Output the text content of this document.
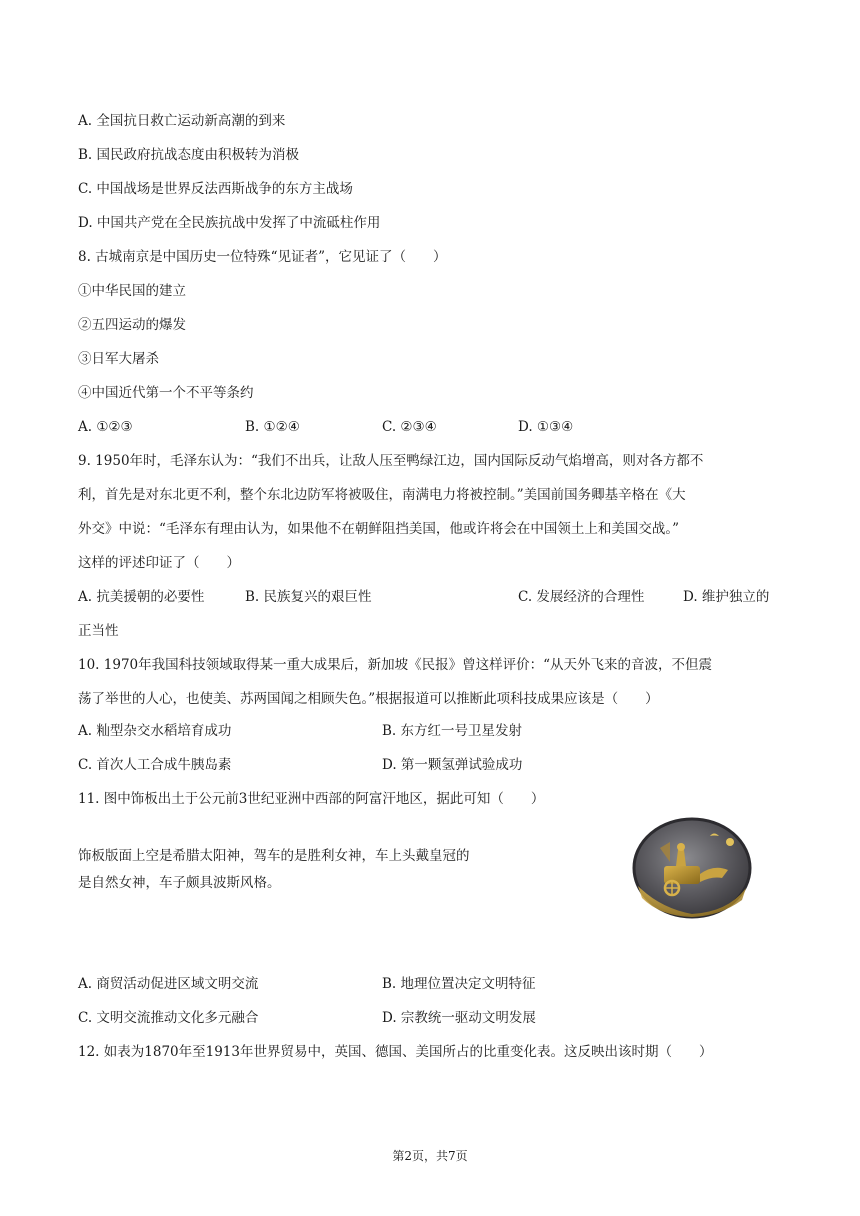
A. 全国抗日救亡运动新高潮的到来
B. 国民政府抗战态度由积极转为消极
C. 中国战场是世界反法西斯战争的东方主战场
D. 中国共产党在全民族抗战中发挥了中流砥柱作用
8. 古城南京是中国历史一位特殊“见证者”，它见证了（　　）
①中华民国的建立
②五四运动的爆发
③日军大屠杀
④中国近代第一个不平等条约
A. ①②③	B. ①②④	C. ②③④	D. ①③④
9. 1950年时，毛泽东认为：“我们不出兵，让敌人压至鸭绿江边，国内国际反动气焰增高，则对各方都不
利，首先是对东北更不利，整个东北边防军将被吸住，南满电力将被控制。”美国前国务卿基辛格在《大
外交》中说：“毛泽东有理由认为，如果他不在朝鲜阻挡美国，他或许将会在中国领土上和美国交战。”
这样的评述印证了（　　）
A. 抗美援朝的必要性	B. 民族复兴的艰巨性	C. 发展经济的合理性	D. 维护独立的
正当性
10. 1970年我国科技领域取得某一重大成果后，新加坡《民报》曾这样评价：“从天外飞来的音波，不但震
荡了举世的人心，也使美、苏两国闻之相顾失色。”根据报道可以推断此项科技成果应该是（　　）
A. 籼型杂交水稻培育成功	B. 东方红一号卫星发射
C. 首次人工合成牛胰岛素	D. 第一颗氢弹试验成功
11. 图中饰板出土于公元前3世纪亚洲中西部的阿富汗地区，据此可知（　　）
饰板版面上空是希腊太阳神，驾车的是胜利女神，车上头戴皇冠的
是自然女神，车子颇具波斯风格。
A. 商贸活动促进区域文明交流	B. 地理位置决定文明特征
C. 文明交流推动文化多元融合	D. 宗教统一驱动文明发展
12. 如表为1870年至1913年世界贸易中，英国、德国、美国所占的比重变化表。这反映出该时期（　　）
第2页，共7页
